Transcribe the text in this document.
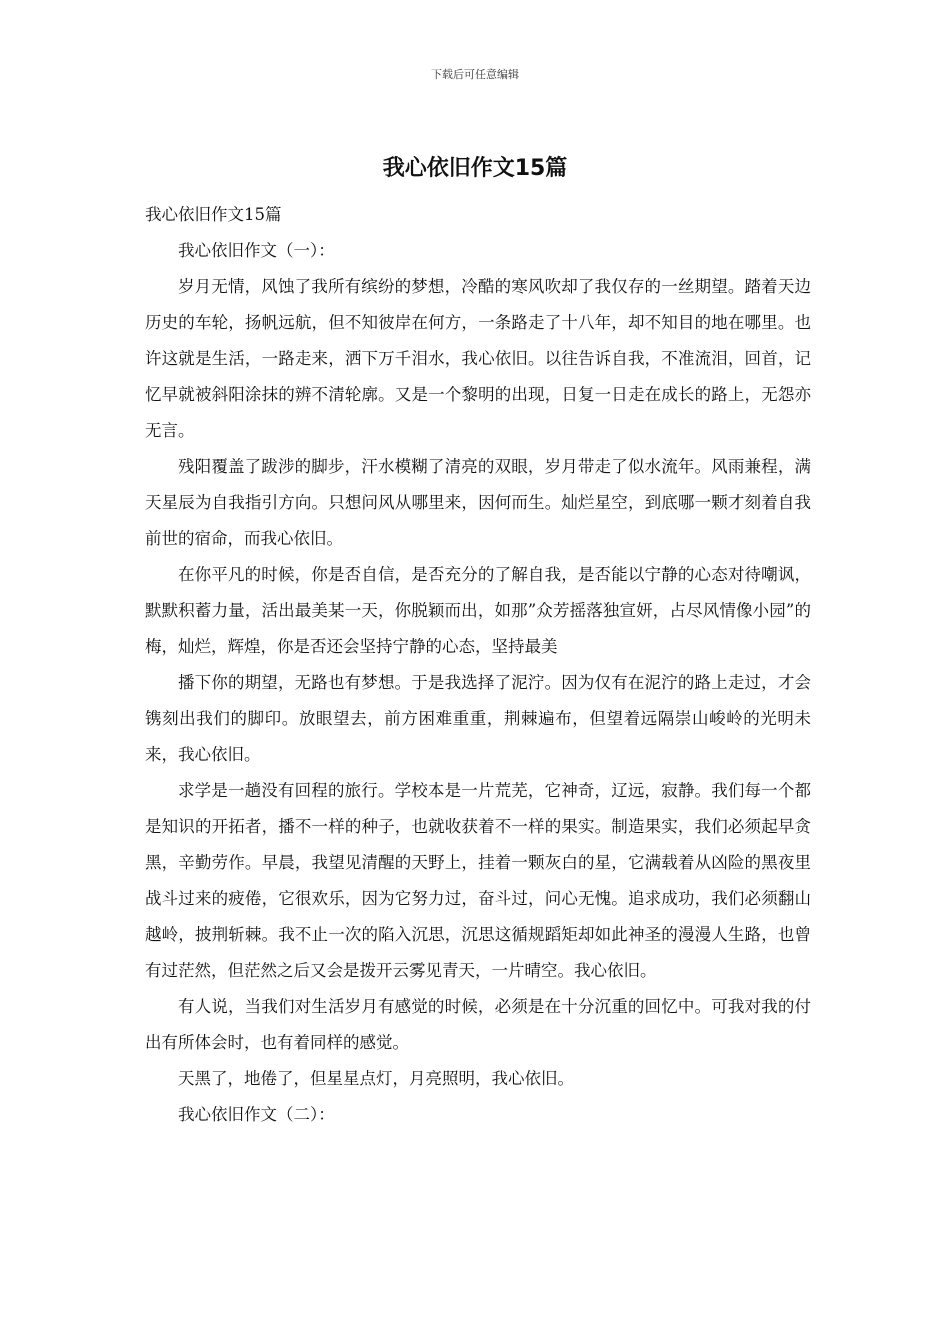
下载后可任意编辑
我心依旧作文15篇

我心依旧作文15篇

我心依旧作文（一）：

岁月无情，风蚀了我所有缤纷的梦想，冷酷的寒风吹却了我仅存的一丝期望。踏着天边历史的车轮，扬帆远航，但不知彼岸在何方，一条路走了十八年，却不知目的地在哪里。也许这就是生活，一路走来，洒下万千泪水，我心依旧。以往告诉自我，不准流泪，回首，记忆早就被斜阳涂抹的辨不清轮廓。又是一个黎明的出现，日复一日走在成长的路上，无怨亦无言。

残阳覆盖了跋涉的脚步，汗水模糊了清亮的双眼，岁月带走了似水流年。风雨兼程，满天星辰为自我指引方向。只想问风从哪里来，因何而生。灿烂星空，到底哪一颗才刻着自我前世的宿命，而我心依旧。

在你平凡的时候，你是否自信，是否充分的了解自我，是否能以宁静的心态对待嘲讽，默默积蓄力量，活出最美某一天，你脱颖而出，如那”众芳摇落独宣妍，占尽风情像小园”的梅，灿烂，辉煌，你是否还会坚持宁静的心态，坚持最美

播下你的期望，无路也有梦想。于是我选择了泥泞。因为仅有在泥泞的路上走过，才会镌刻出我们的脚印。放眼望去，前方困难重重，荆棘遍布，但望着远隔崇山峻岭的光明未来，我心依旧。

求学是一趟没有回程的旅行。学校本是一片荒芜，它神奇，辽远，寂静。我们每一个都是知识的开拓者，播不一样的种子，也就收获着不一样的果实。制造果实，我们必须起早贪黑，辛勤劳作。早晨，我望见清醒的天野上，挂着一颗灰白的星，它满载着从凶险的黑夜里战斗过来的疲倦，它很欢乐，因为它努力过，奋斗过，问心无愧。追求成功，我们必须翻山越岭，披荆斩棘。我不止一次的陷入沉思，沉思这循规蹈矩却如此神圣的漫漫人生路，也曾有过茫然，但茫然之后又会是拨开云雾见青天，一片晴空。我心依旧。

有人说，当我们对生活岁月有感觉的时候，必须是在十分沉重的回忆中。可我对我的付出有所体会时，也有着同样的感觉。

天黑了，地倦了，但星星点灯，月亮照明，我心依旧。

我心依旧作文（二）：
